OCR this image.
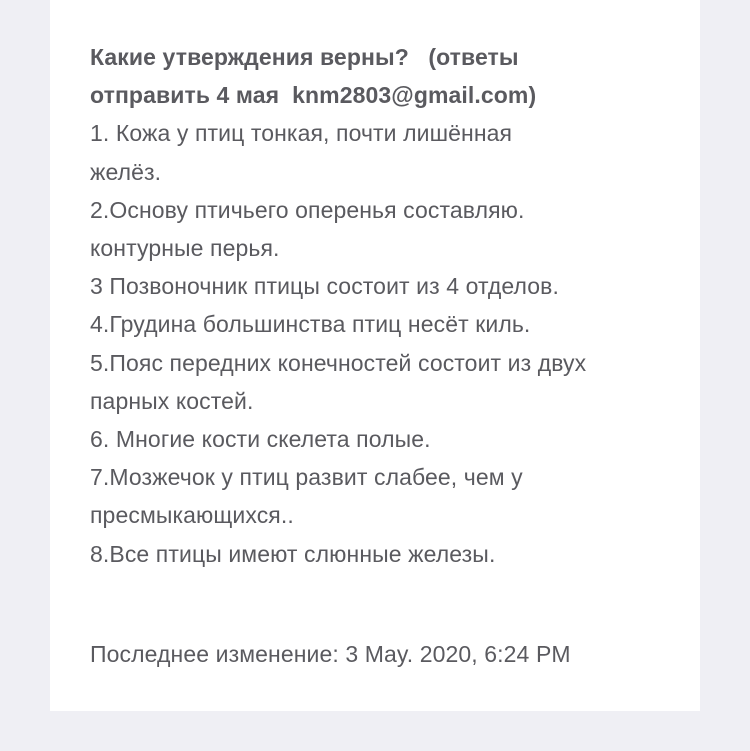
Какие утверждения верны?   (ответы
отправить 4 мая  knm2803@gmail.com)
1. Кожа у птиц тонкая, почти лишённая
желёз.
2.Основу птичьего оперенья составляю.
контурные перья.
3 Позвоночник птицы состоит из 4 отделов.
4.Грудина большинства птиц несёт киль.
5.Пояс передних конечностей состоит из двух
парных костей.
6. Многие кости скелета полые.
7.Мозжечок у птиц развит слабее, чем у
пресмыкающихся..
8.Все птицы имеют слюнные железы.
Последнее изменение: 3 May. 2020, 6:24 PM
